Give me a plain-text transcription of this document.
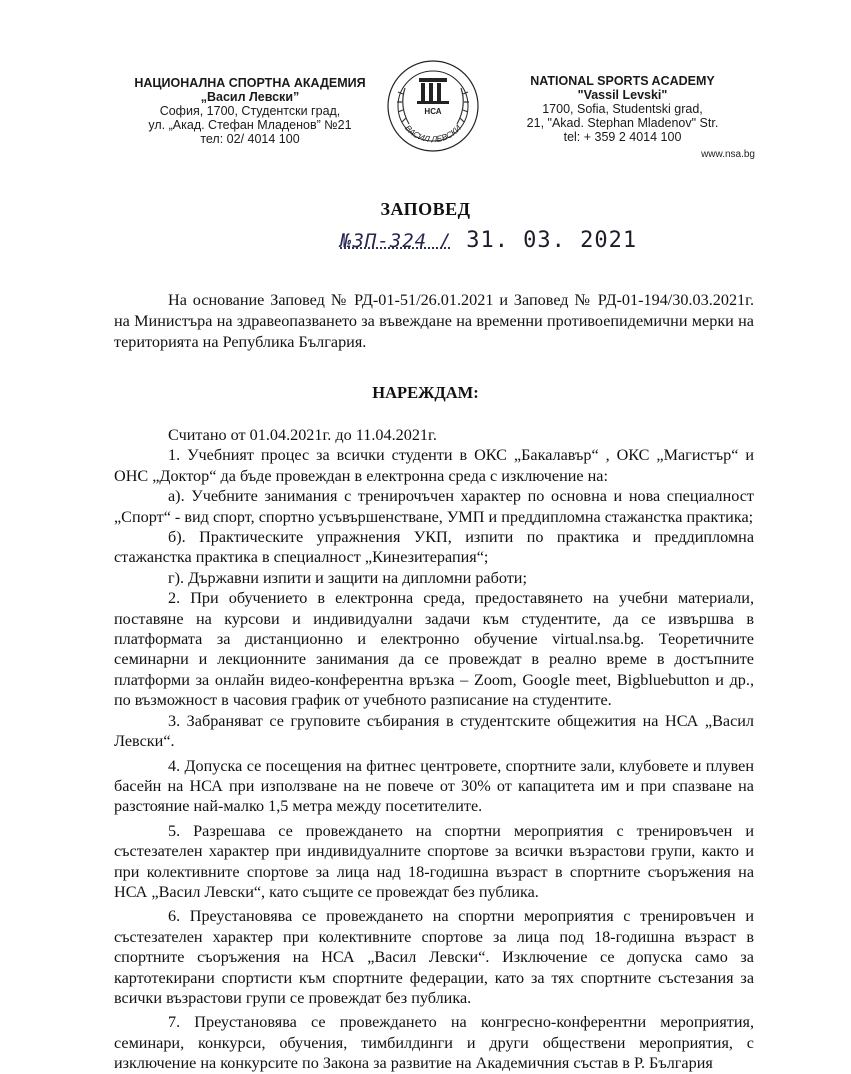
НАЦИОНАЛНА СПОРТНА АКАДЕМИЯ
„Васил Левски”
София, 1700, Студентски град,
ул. „Акад. Стефан Младенов” №21
тел: 02/ 4014 100
НСА
ВАСИЛ ЛЕВСКИ
NATIONAL SPORTS ACADEMY
"Vassil Levski"
1700, Sofia, Studentski grad,
21, "Akad. Stephan Mladenov" Str.
tel: + 359 2 4014 100
www.nsa.bg
ЗАПОВЕД
№ЗП-324 / 31. 03. 2021
На основание Заповед № РД-01-51/26.01.2021 и Заповед № РД-01-194/30.03.2021г. на Министъра на здравеопазването за въвеждане на временни противоепидемични мерки на територията на Република България.
НАРЕЖДАМ:

Считано от 01.04.2021г. до 11.04.2021г.

1. Учебният процес за всички студенти в ОКС „Бакалавър“ , ОКС „Магистър“ и ОНС „Доктор“ да бъде провеждан в електронна среда с изключение на:

а). Учебните занимания с тренирочъчен характер по основна и нова специалност „Спорт“ - вид спорт, спортно усъвършенстване, УМП и преддипломна стажанстка практика;

б). Практическите упражнения УКП, изпити по практика и преддипломна стажанстка практика в специалност „Кинезитерапия“;

г). Държавни изпити и защити на дипломни работи;

2. При обучението в електронна среда, предоставянето на учебни материали, поставяне на курсови и индивидуални задачи към студентите, да се извършва в платформата за дистанционно и електронно обучение virtual.nsa.bg. Теоретичните семинарни и лекционните занимания да се провеждат в реално време в достъпните платформи за онлайн видео-конферентна връзка – Zoom, Google meet, Bigbluebutton и др., по възможност в часовия график от учебното разписание на студентите.

3. Забраняват се груповите събирания в студентските общежития на НСА „Васил Левски“.

4. Допуска се посещения на фитнес центровете, спортните зали, клубовете и плувен басейн на НСА при използване на не повече от 30% от капацитета им и при спазване на разстояние най-малко 1,5 метра между посетителите.

5. Разрешава се провеждането на спортни мероприятия с тренировъчен и състезателен характер при индивидуалните спортове за всички възрастови групи, както и при колективните спортове за лица над 18-годишна възраст в спортните съоръжения на НСА „Васил Левски“, като същите се провеждат без публика.

6. Преустановява се провеждането на спортни мероприятия с тренировъчен и състезателен характер при колективните спортове за лица под 18-годишна възраст в спортните съоръжения на НСА „Васил Левски“. Изключение се допуска само за картотекирани спортисти към спортните федерации, като за тях спортните състезания за всички възрастови групи се провеждат без публика.

7. Преустановява се провеждането на конгресно-конферентни мероприятия, семинари, конкурси, обучения, тимбилдинги и други обществени мероприятия, с изключение на конкурсите по Закона за развитие на Академичния състав в Р. България
